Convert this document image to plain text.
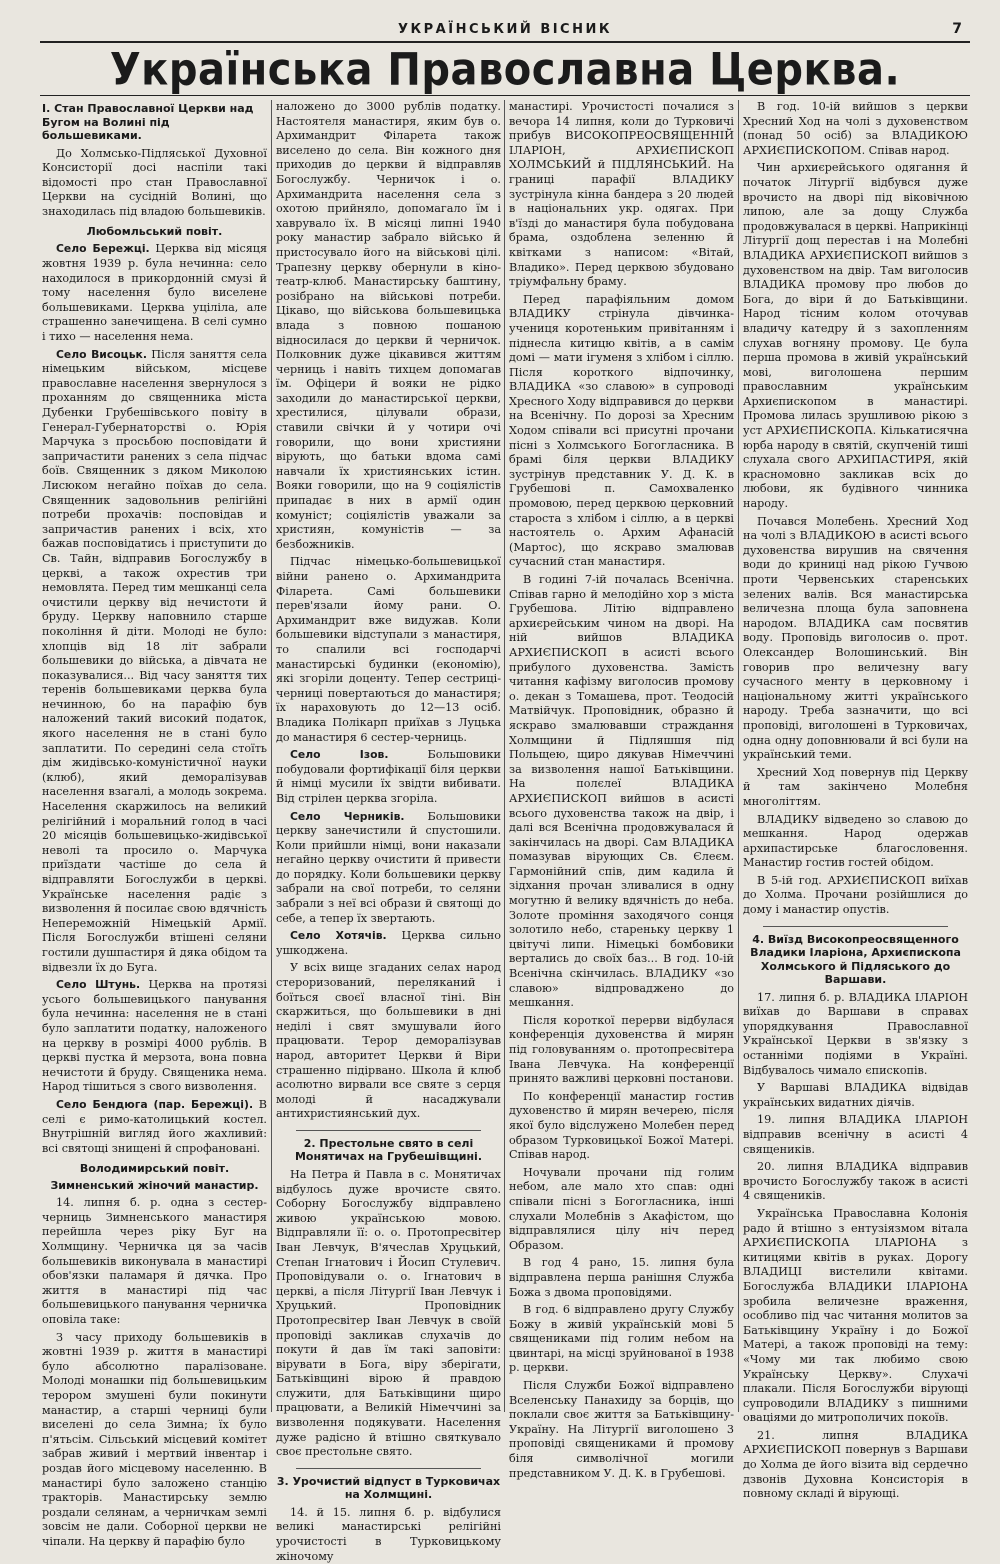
УКРАЇНСЬКИЙ ВІСНИК	7
Українська Православна Церква.
I. Стан Православної Церкви над Бугом на Волині під большевиками.

До Холмсько-Підляської Духовної Консисторії досі наспіли такі відомості про стан Православної Церкви на сусідній Волині, що знаходилась під владою большевиків.

Любомльський повіт.

Село Бережці. Церква від місяця жовтня 1939 р. була нечинна: село находилося в прикордонній смузі й тому населення було виселене большевиками. Церква уціліла, але страшенно занечищена. В селі сумно і тихо — населення нема.

Село Висоцьк. Після заняття села німецьким військом, місцеве православне населення звернулося з проханням до священника міста Дубенки Грубешівського повіту в Генерал-Губернаторстві о. Юрія Марчука з просьбою посповідати й запричастити ранених з села підчас боїв. Священник з дяком Миколою Лисюком негайно поїхав до села. Священник задовольнив релігійні потреби прохачів: посповідав и запричастив ранених і всіх, хто бажав посповідатись і приступити до Св. Тайн, відправив Богослужбу в церкві, а також охрестив три немовлята. Перед тим мешканці села очистили церкву від нечистоти й бруду. Церкву наповнило старше покоління й діти. Молоді не було: хлопців від 18 літ забрали большевики до війська, а дівчата не показувалися... Від часу заняття тих теренів большевиками церква була нечинною, бо на парафію був наложений такий високий податок, якого населення не в стані було заплатити. По середині села стоїть дім жидівсько-комуністичної науки (клюб), який деморалізував населення взагалі, а молодь зокрема. Населення скаржилось на великий релігійний і моральний голод в часі 20 місяців большевицько-жидівської неволі та просило о. Марчука приїздати частіше до села й відправляти Богослужби в церкві. Українське населення радіє з визволення й посилає свою вдячність Непереможній Німецькій Армії. Після Богослужби втішені селяни гостили душпастиря й дяка обідом та відвезли їх до Буга.

Село Штунь. Церква на протязі усього большевицького панування була нечинна: населення не в стані було заплатити податку, наложеного на церкву в розмірі 4000 рублів. В церкві пустка й мерзота, вона повна нечистоти й бруду. Священика нема. Народ тішиться з свого визволення.

Село Бендюга (пар. Бережці). В селі є римо-католицький костел. Внутрішній вигляд його жахливий: всі святощі знищені й спрофановані.

Володимирський повіт.
Зимненський жіночий манастир.

14. липня б. р. одна з сестер-черниць Зимненського манастиря перейшла через ріку Буг на Холмщину. Черничка ця за часів большевиків виконувала в манастирі обов'язки паламаря й дячка. Про життя в манастирі під час большевицького панування черничка оповіла таке:

З часу приходу большевиків в жовтні 1939 р. життя в манастирі було абсолютно паралізоване. Молоді монашки під большевицьким терором змушені були покинути манастир, а старші черниці були виселені до села Зимна; їх було п'ятьсім. Сільський місцевий комітет забрав живий і мертвий інвентар і роздав його місцевому населенню. В манастирі було заложено станцію тракторів. Манастирську землю роздали селянам, а черничкам землі зовсім не дали. Соборної церкви не чіпали. На церкву й парафію було

наложено до 3000 рублів податку. Настоятеля манастиря, яким був о. Архимандрит Філарета також виселено до села. Він кожного дня приходив до церкви й відправляв Богослужбу. Черничок і о. Архимандрита населення села з охотою прийняло, допомагало їм і хаврувало їх. В місяці липні 1940 року манастир забрало військо й пристосувало його на військові цілі. Трапезну церкву обернули в кіно-театр-клюб. Манастирську баштину, розібрано на військові потреби. Цікаво, що військова большевицька влада з повною пошаною відносилася до церкви й черничок. Полковник дуже цікавився життям черниць і навіть тихцем допомагав їм. Офіцери й вояки не рідко заходили до манастирської церкви, хрестилися, цілували образи, ставили свічки й у чотири очі говорили, що вони християни вірують, що батьки вдома самі навчали їх християнських істин. Вояки говорили, що на 9 соціялістів припадає в них в армії один комуніст; соціялістів уважали за християн, комуністів — за безбожників.

Підчас німецько-большевицької війни ранено о. Архимандрита Філарета. Самі большевики перев'язали йому рани. О. Архимандрит вже видужав. Коли большевики відступали з манастиря, то спалили всі господарчі манастирські будинки (економію), які згоріли доценту. Тепер сестриці-черниці повертаються до манастиря; їх нараховують до 12—13 осіб. Владика Полікарп приїхав з Луцька до манастиря 6 сестер-черниць.

Село Ізов.	Большовики побудовали фортифікації біля церкви й німці мусили їх звідти вибивати. Від стрілен церква згоріла.

Село Черників. Большовики церкву занечистили й спустошили. Коли прийшли німці, вони наказали негайно церкву очистити й привести до порядку. Коли большевики церкву забрали на свої потреби, то селяни забрали з неї всі образи й святощі до себе, а тепер їх звертають.

Село Хотячів. Церква сильно ушкоджена.

У всіх вище згаданих селах народ стероризований, переляканий і боїться своєї власної тіні. Він скаржиться, що большевики в дні неділі і свят змушували його працювати. Терор деморалізував народ, авторитет Церкви й Віри страшенно підірвано. Школа й клюб асолютно вирвали все святе з серця молоді й насаджували антихристиянський дух.

2. Престольне свято в селі Монятичах на Грубешівщині.

На Петра й Павла в с. Монятичах відбулось дуже врочисте свято. Соборну Богослужбу відправлено живою українською мовою. Відправляли її: о. о. Протопресвітер Іван Левчук, В'ячеслав Хруцький, Степан Ігнатович і Йосип Стулевич. Проповідували о. о. Ігнатович в церкві, а після Літургії Іван Левчук і Хруцький. Проповідник Протопресвітер Іван Левчук в своїй проповіді закликав слухачів до покути й дав їм такі заповіти: вірувати в Бога, віру зберігати, Батьківщині вірою й правдою служити, для Батьківщини щиро працювати, а Великій Німеччині за визволення подякувати. Населення дуже радісно й втішно святкувало своє престольне свято.

3. Урочистий відпуст в Турковичах на Холмщині.

14. й 15. липня б. р. відбулися великі манастирські релігійні урочистості в Турковицькому жіночому

манастирі. Урочистості почалися з вечора 14 липня, коли до Турковичі прибув ВИСОКОПРЕОСВЯЩЕННІЙ ІЛАРІОН, АРХИЄПИСКОП ХОЛМСЬКИЙ й ПІДЛЯНСЬКИЙ. На границі парафії ВЛАДИКУ зустрінула кінна бандера з 20 людей в національних укр. одягах. При в'їзді до манастиря була побудована брама, оздоблена зеленню й квітками з написом: «Вітай, Владико». Перед церквою збудовано тріумфальну браму.

Перед парафіяльним домом ВЛАДИКУ стрінула дівчинка-учениця коротеньким привітанням і піднесла китицю квітів, а в самім домі — мати ігуменя з хлібом і сіллю. Після короткого відпочинку, ВЛАДИКА «зо славою» в супроводі Хресного Ходу відправився до церкви на Всенічну. По дорозі за Хресним Ходом співали всі присутні прочани пісні з Холмського Богогласника. В брамі біля церкви ВЛАДИКУ зустрінув представник У. Д. К. в Грубешові п. Самохваленко промовою, перед церквою церковний староста з хлібом і сіллю, а в церкві настоятель о. Архим Афанасій (Мартос), що яскраво змалював сучасний стан манастиря.

В годині 7-ій почалась Всенічна. Співав гарно й мелодійно хор з міста Грубешова. Літію відправлено архиєрейським чином на дворі. На ній вийшов ВЛАДИКА АРХИЄПИСКОП в асисті всього прибулого духовенства. Замість читання кафізму виголосив промову о. декан з Томашева, прот. Теодосій Матвійчук. Проповідник, образно й яскраво змалювавши страждання Холмщини й Підляшшя під Польщею, щиро дякував Німеччині за визволення нашої Батьківщини. На полєлеї ВЛАДИКА АРХИЄПИСКОП вийшов в асисті всього духовенства також на двір, і далі вся Всенічна продовжувалася й закінчилась на дворі. Сам ВЛАДИКА помазував вірующих Св. Єлеєм. Гармонійний спів, дим кадила й зідхання прочан зливалися в одну могутню й велику вдячність до неба. Золоте проміння заходячого сонця золотило небо, старенькy церкву 1 цвітучі липи. Німецькі бомбовики вертались до своїх баз... В год. 10-ій Всенічна скінчилась. ВЛАДИКУ «зо славою» відпроваджено до мешкання.

Після короткої перерви відбулася конференція духовенства й мирян під головуванням о. протопресвітера Івана Левчука. На конференції принято важливі церковні постанови.

По конференції манастир гостив духовенство й мирян вечерею, після якої було відслужено Молебен перед образом Турковицької Божої Матері. Співав народ.

Ночували прочани під голим небом, але мало хто спав: одні співали пісні з Богогласника, інші слухали Молебнів з Акафістом, що відправлялися цілу ніч перед Образом.

В год 4 рано, 15. липня була відправлена перша ранішня Служба Божа з двома проповідями.

В год. 6 відправлено другу Службу Божу в живій українській мові 5 священиками під голим небом на цвинтарі, на місці зруйнованої в 1938 р. церкви.

Після Служби Божої відправлено Вселенську Панахиду за борців, що поклали своє життя за Батьківщину-Україну. На Літургії виголошено 3 проповіді священиками й промову біля символічної могили представником У. Д. К. в Грубешові.

В год. 10-ій вийшов з церкви Хресний Ход на чолі з духовенством (понад 50 осіб) за ВЛАДИКОЮ АРХИЄПИСКОПОМ. Співав народ.

Чин архиєрейського одягання й початок Літургії відбувся дуже врочисто на дворі під віковічною липою, але за дощу Служба продовжувалася в церкві. Наприкінці Літургії дощ перестав і на Молебні ВЛАДИКА АРХИЄПИСКОП вийшов з духовенством на двір. Там виголосив ВЛАДИКА промову про любов до Бога, до віри й до Батьківщини. Народ тісним колом оточував владичу катедру й з захопленням слухав вогняну промову. Це була перша промова в живій український мові, виголошена першим православним українським Архиєпископом в манастирі. Промова лилась зрушливою рікою з уст АРХИЄПИСКОПА. Кількатисячна юрба народу в святій, скупченій тиші слухала свого АРХИПАСТИРЯ, якій красномовно закликав всіх до любови, як будівного чинника народу.

Почався Молебень. Хресний Ход на чолі з ВЛАДИКОЮ в асисті всього духовенства вирушив на свячення води до криниці над рікою Гучвою проти Червенських старенських зелених валів. Вся манастирська величезна площа була заповнена народом. ВЛАДИКА сам посвятив воду. Проповідь виголосив о. прот. Олександер Волошинський. Він говорив про величезну вагу сучасного менту в церковному і національному житті українського народу. Треба зазначити, що всі проповіді, виголошені в Турковичах, одна одну доповнювали й всі були на український теми.

Хресний Ход повернув під Церкву й там закінчено Молебня многоліттям.

ВЛАДИКУ відведено зо славою до мешкання. Народ одержав архипастирське благословення. Манастир гостив гостей обідом.

В 5-ій год. АРХИЄПИСКОП виїхав до Холма. Прочани розійшлися до дому і манастир опустів.

4. Виїзд Високопреосвященного Владики Іларіона, Архиєпископа Холмського й Підляського до Варшави.

17. липня б. р. ВЛАДИКА ІЛАРІОН виїхав до Варшави в справах упорядкування Православної Української Церкви в зв'язку з останніми подіями в Україні. Відбувалось чимало єпископів.

У Варшаві ВЛАДИКА відвідав українських видатних діячів.

19. липня ВЛАДИКА ІЛАРІОН відправив всенічну в асисті 4 священиків.

20. липня ВЛАДИКА відправив врочисто Богослужбу також в асисті 4 священиків.

Українська Православна Колонія радо й втішно з ентузіязмом вітала АРХИЄПИСКОПА ІЛАРІОНА з китицями квітів в руках. Дорогу ВЛАДИЦІ вистелили квітами. Богослужба ВЛАДИКИ ІЛАРІОНА зробила величезне враження, особливо під час читання молитов за Батьківщину Україну і до Божої Матері, а також проповіді на тему: «Чому ми так любимо свою Українську Церкву». Слухачі плакали. Після Богослужби вірующі супроводили ВЛАДИКУ з пишними оваціями до митрополичих покоїв.

21. липня ВЛАДИКА АРХИЄПИСКОП повернув з Варшави до Холма де його візита від сердечно дзвонів Духовна Консисторія в повному складі й вірующі.
